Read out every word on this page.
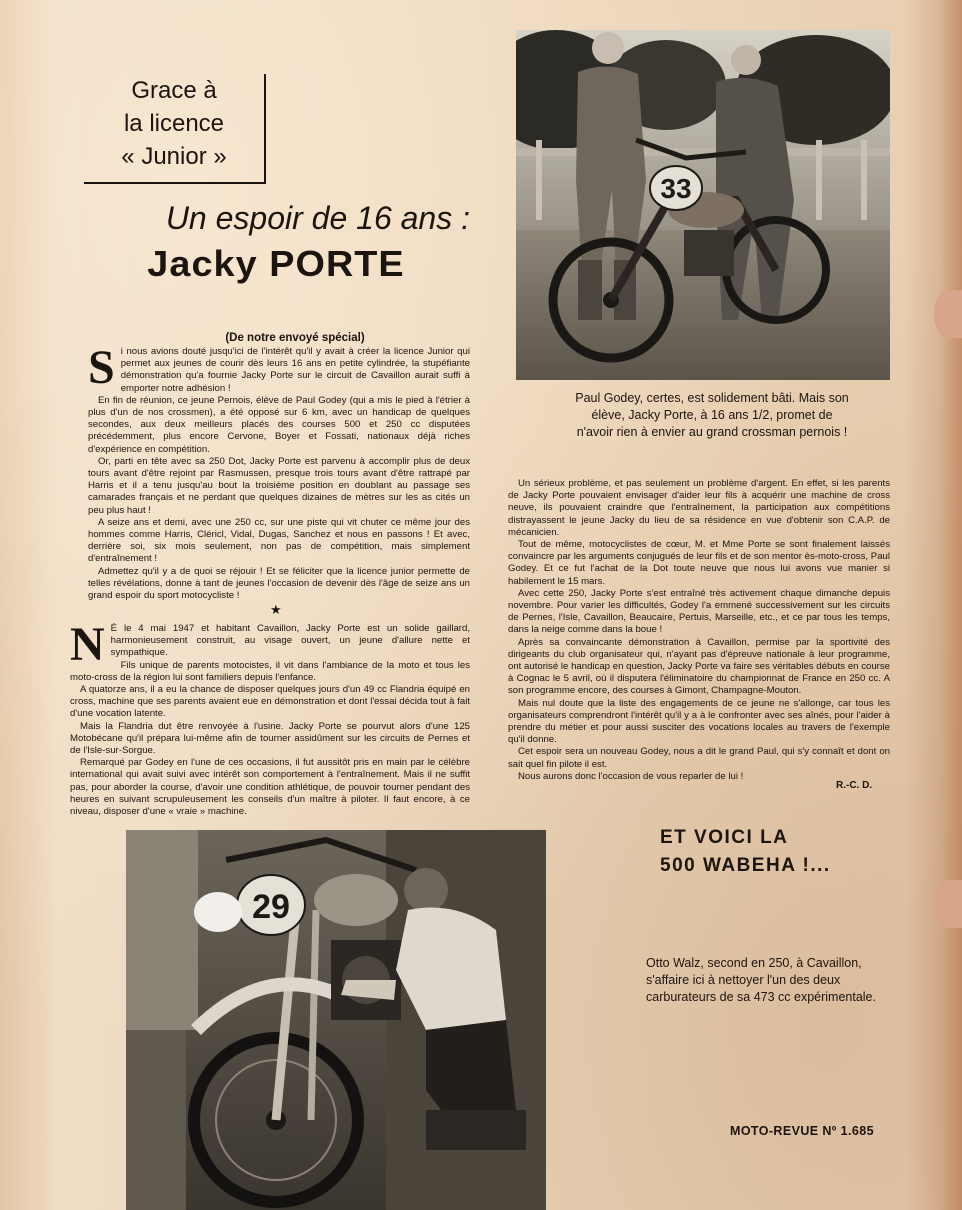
Grace à
la licence
« Junior »
Un espoir de 16 ans :
Jacky PORTE
33
Paul Godey, certes, est solidement bâti. Mais son élève, Jacky Porte, à 16 ans 1/2, promet de n'avoir rien à envier au grand crossman pernois !
(De notre envoyé spécial)
S i nous avions douté jusqu'ici de l'intérêt qu'il y avait à créer la licence Junior qui permet aux jeunes de courir dès leurs 16 ans en petite cylindrée, la stupéfiante démonstration qu'a fournie Jacky Porte sur le circuit de Cavaillon aurait suffi à emporter notre adhésion !

En fin de réunion, ce jeune Pernois, élève de Paul Godey (qui a mis le pied à l'étrier à plus d'un de nos crossmen), a été opposé sur 6 km, avec un handicap de quelques secondes, aux deux meilleurs placés des courses 500 et 250 cc disputées précédemment, plus encore Cervone, Boyer et Fossati, nationaux déjà riches d'expérience en compétition.

Or, parti en tête avec sa 250 Dot, Jacky Porte est parvenu à accomplir plus de deux tours avant d'être rejoint par Rasmussen, presque trois tours avant d'être rattrapé par Harris et il a tenu jusqu'au bout la troisième position en doublant au passage ses camarades français et ne perdant que quelques dizaines de mètres sur les as cités un peu plus haut !

A seize ans et demi, avec une 250 cc, sur une piste qui vit chuter ce même jour des hommes comme Harris, Cléricl, Vidal, Dugas, Sanchez et nous en passons ! Et avec, derrière soi, six mois seulement, non pas de compétition, mais simplement d'entraînement !

Admettez qu'il y a de quoi se réjouir ! Et se féliciter que la licence junior permette de telles révélations, donne à tant de jeunes l'occasion de devenir dès l'âge de seize ans un grand espoir du sport motocycliste !

★
N É le 4 mai 1947 et habitant Cavaillon, Jacky Porte est un solide gaillard, harmonieusement construit, au visage ouvert, un jeune d'allure nette et sympathique.

Fils unique de parents motocistes, il vit dans l'ambiance de la moto et tous les moto-cross de la région lui sont familiers depuis l'enfance.

A quatorze ans, il a eu la chance de disposer quelques jours d'un 49 cc Flandria équipé en cross, machine que ses parents avaient eue en démonstration et dont l'essai décida tout à fait d'une vocation latente.

Mais la Flandria dut être renvoyée à l'usine. Jacky Porte se pourvut alors d'une 125 Motobécane qu'il prépara lui-même afin de tourner assidûment sur les circuits de Pernes et de l'Isle-sur-Sorgue.

Remarqué par Godey en l'une de ces occasions, il fut aussitôt pris en main par le célèbre international qui avait suivi avec intérêt son comportement à l'entraînement. Mais il ne suffit pas, pour aborder la course, d'avoir une condition athlétique, de pouvoir tourner pendant des heures en suivant scrupuleusement les conseils d'un maître à piloter. Il faut encore, à ce niveau, disposer d'une « vraie » machine.

Un sérieux problème, et pas seulement un problème d'argent. En effet, si les parents de Jacky Porte pouvaient envisager d'aider leur fils à acquérir une machine de cross neuve, ils pouvaient craindre que l'entraînement, la participation aux compétitions distrayassent le jeune Jacky du lieu de sa résidence en vue d'obtenir son C.A.P. de mécanicien.

Tout de même, motocyclistes de cœur, M. et Mme Porte se sont finalement laissés convaincre par les arguments conjugués de leur fils et de son mentor ès-moto-cross, Paul Godey. Et ce fut l'achat de la Dot toute neuve que nous lui avons vue manier si habilement le 15 mars.

Avec cette 250, Jacky Porte s'est entraîné très activement chaque dimanche depuis novembre. Pour varier les difficultés, Godey l'a emmené successivement sur les circuits de Pernes, l'Isle, Cavaillon, Beaucaire, Pertuis, Marseille, etc., et ce par tous les temps, dans la neige comme dans la boue !

Après sa convaincante démonstration à Cavaillon, permise par la sportivité des dirigeants du club organisateur qui, n'ayant pas d'épreuve nationale à leur programme, ont autorisé le handicap en question, Jacky Porte va faire ses véritables débuts en course à Cognac le 5 avril, où il disputera l'éliminatoire du championnat de France en 250 cc. A son programme encore, des courses à Gimont, Champagne-Mouton.

Mais nul doute que la liste des engagements de ce jeune ne s'allonge, car tous les organisateurs comprendront l'intérêt qu'il y a à le confronter avec ses aînés, pour l'aider à prendre du métier et pour aussi susciter des vocations locales au travers de l'exemple qu'il donne.

Cet espoir sera un nouveau Godey, nous a dit le grand Paul, qui s'y connaît et dont on sait quel fin pilote il est.

Nous aurons donc l'occasion de vous reparler de lui !

R.-C. D.
29
ET VOICI LA
500 WABEHA !...
Otto Walz, second en 250, à Cavaillon, s'affaire ici à nettoyer l'un des deux carburateurs de sa 473 cc expérimentale.
MOTO-REVUE Nº 1.685
